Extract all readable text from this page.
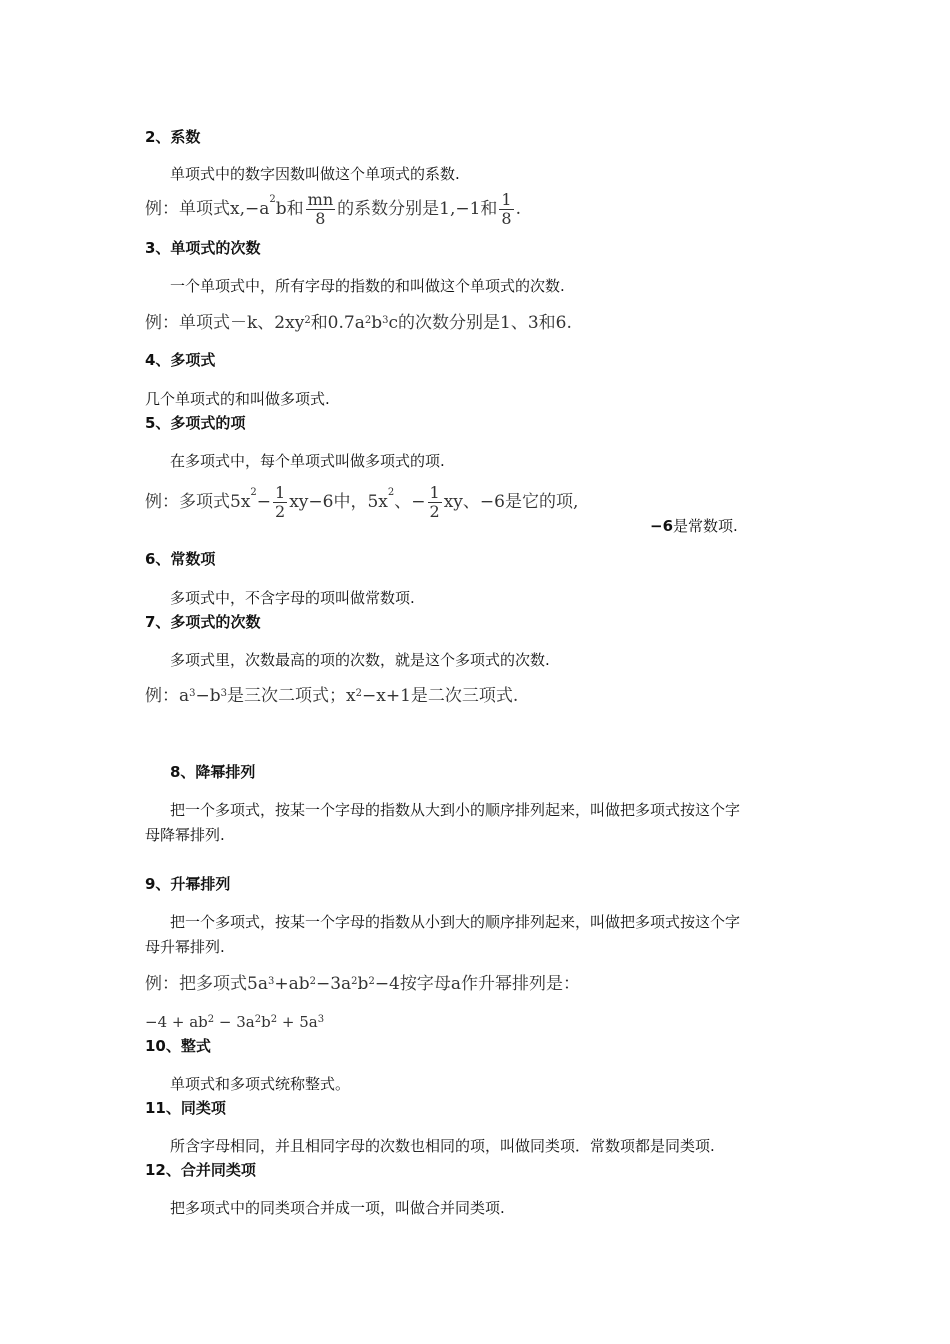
2、系数
单项式中的数字因数叫做这个单项式的系数.
例：单项式$x,-a^2b$和 $\frac{mn}{8}$ 的系数分别是1,−1和 $\frac{1}{8}$ .
3、单项式的次数
一个单项式中，所有字母的指数的和叫做这个单项式的次数.
例：单项式－k、$2xy^2$和$0.7a^2b^3c$的次数分别是1、3和6.
4、多项式
几个单项式的和叫做多项式.
5、多项式的项
在多项式中，每个单项式叫做多项式的项.
例：多项式$5x^2- \frac{1}{2} xy-6$中，$5x^2$、− $\frac{1}{2}$ xy、−6是它的项,
−6是常数项.
6、常数项
多项式中，不含字母的项叫做常数项.
7、多项式的次数
多项式里，次数最高的项的次数，就是这个多项式的次数.
例：$a^3-b^3$是三次二项式；$x^2-x+1$是二次三项式.
8、降幂排列
把一个多项式，按某一个字母的指数从大到小的顺序排列起来，叫做把多项式按这个字
母降幂排列.
9、升幂排列
把一个多项式，按某一个字母的指数从小到大的顺序排列起来，叫做把多项式按这个字
母升幂排列.
例：把多项式$5a^3+ab^2-3a^2b^2-4$按字母a作升幂排列是：
$-4 + ab^2 - 3a^2b^2 + 5a^3$
10、整式
单项式和多项式统称整式。
11、同类项
所含字母相同，并且相同字母的次数也相同的项，叫做同类项．常数项都是同类项.
12、合并同类项
把多项式中的同类项合并成一项，叫做合并同类项.
